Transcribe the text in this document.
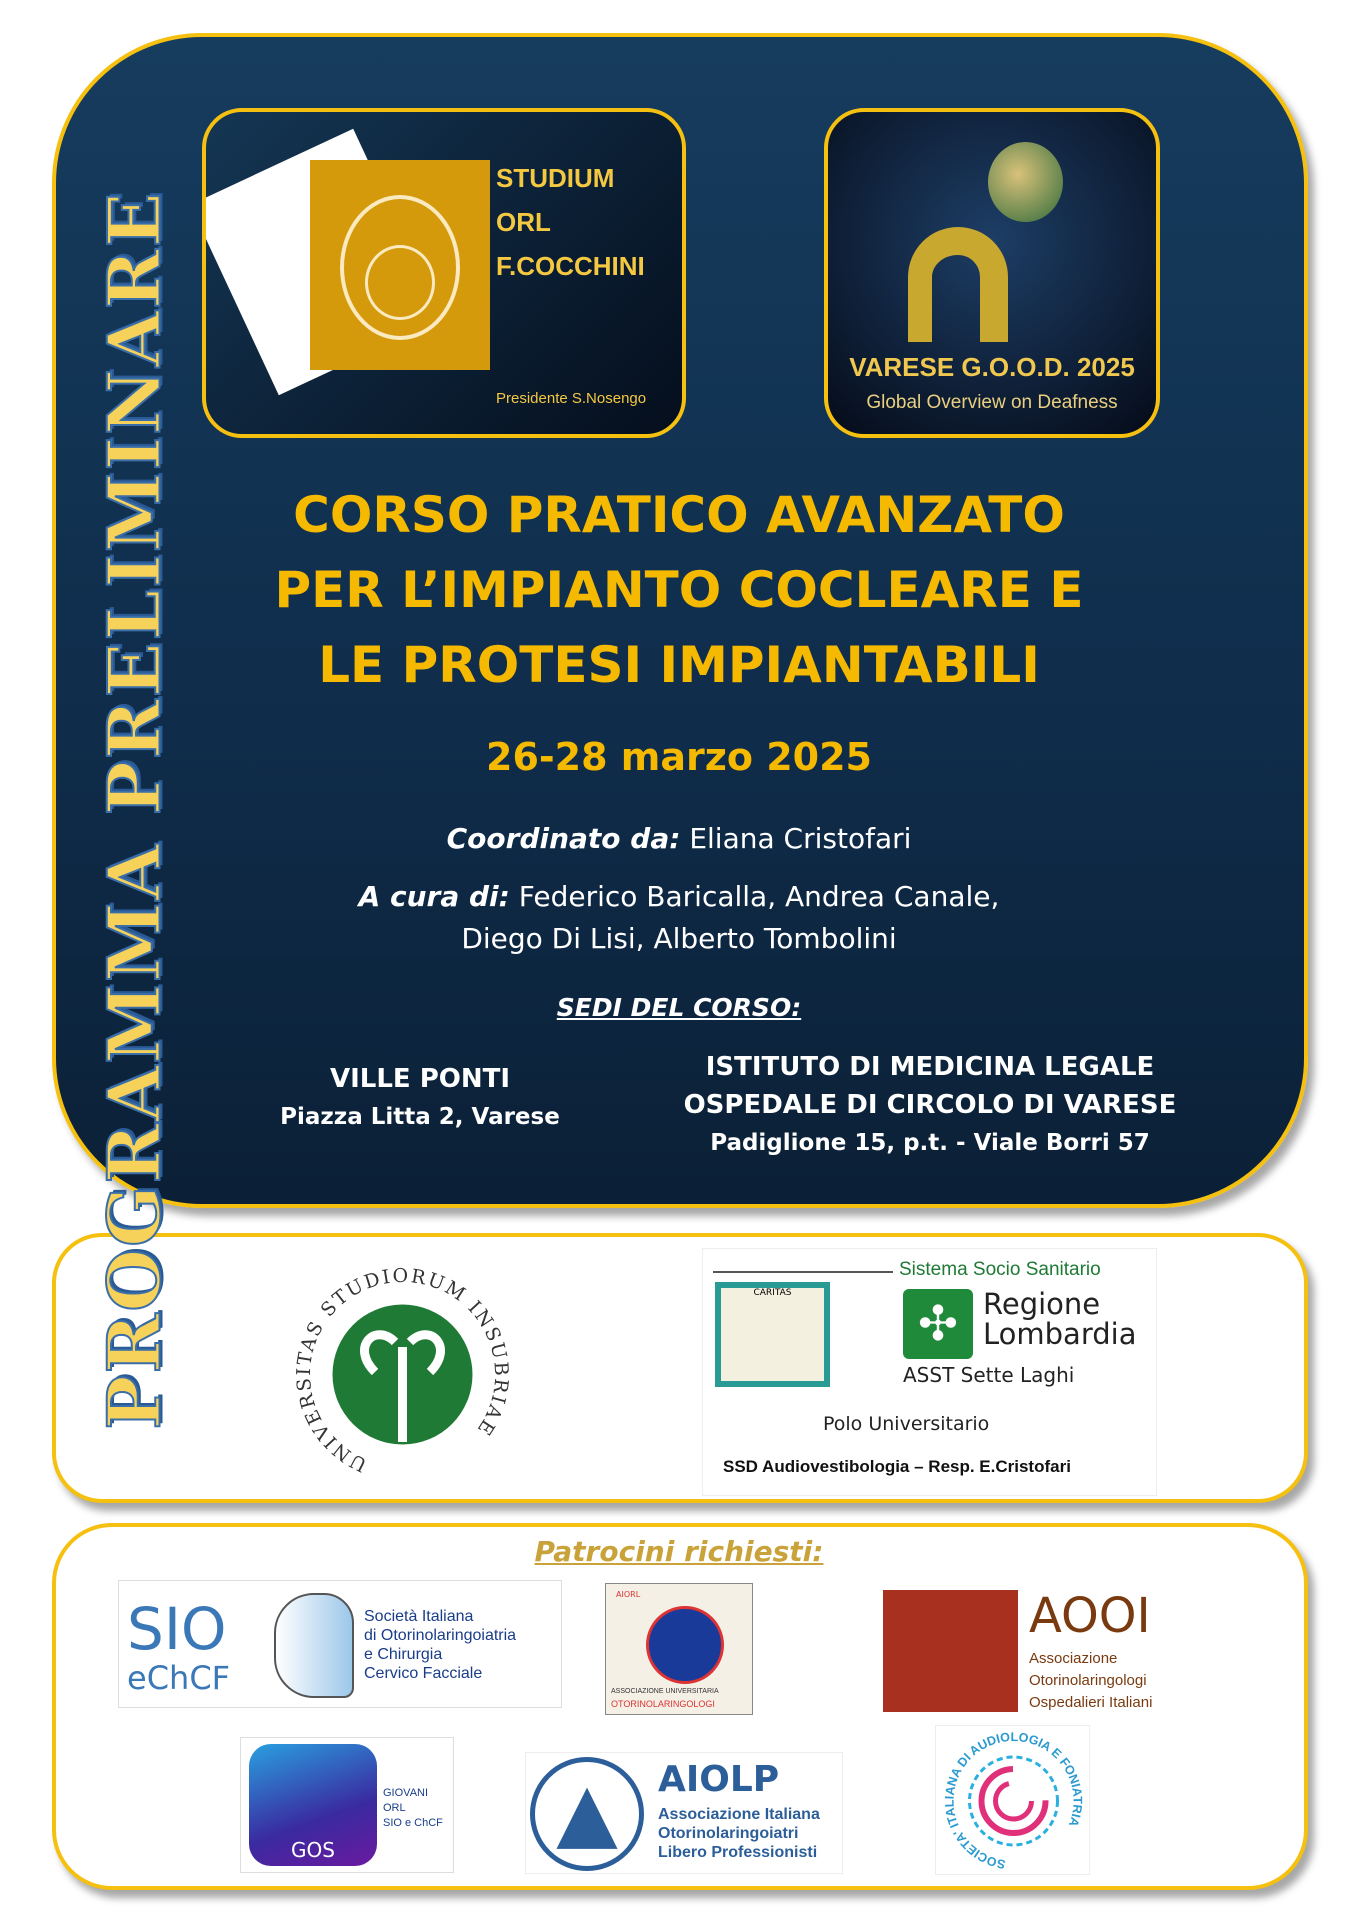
STUDIUM
ORL
F.COCCHINI
Presidente S.Nosengo
VARESE G.O.O.D. 2025
Global Overview on Deafness
CORSO PRATICO AVANZATO
PER L’IMPIANTO COCLEARE E
LE PROTESI IMPIANTABILI
26-28 marzo 2025
Coordinato da: Eliana Cristofari
A cura di: Federico Baricalla, Andrea Canale,
Diego Di Lisi, Alberto Tombolini
SEDI DEL CORSO:
VILLE PONTI
Piazza Litta 2, Varese
ISTITUTO DI MEDICINA LEGALE
OSPEDALE DI CIRCOLO DI VARESE
Padiglione 15, p.t. - Viale Borri 57
UNIVERSITAS STUDIORUM INSUBRIAE
Sistema Socio Sanitario
CARITAS
✣ Regione
Lombardia
ASST Sette Laghi
Polo Universitario
SSD Audiovestibologia – Resp. E.Cristofari
Patrocini richiesti:
SIO
eChCF
Società Italiana
di Otorinolaringoiatria
e Chirurgia
Cervico Facciale
AIORL
ASSOCIAZIONE UNIVERSITARIA
OTORINOLARINGOLOGI
AOOI
Associazione
Otorinolaringologi
Ospedalieri Italiani
GOS
GIOVANI
ORL
SIO e ChCF	▲	AIOLP
Associazione Italiana
Otorinolaringoiatri
Libero Professionisti
SOCIETA' ITALIANA DI AUDIOLOGIA E FONIATRIA
PROGRAMMA PRELIMINARE
